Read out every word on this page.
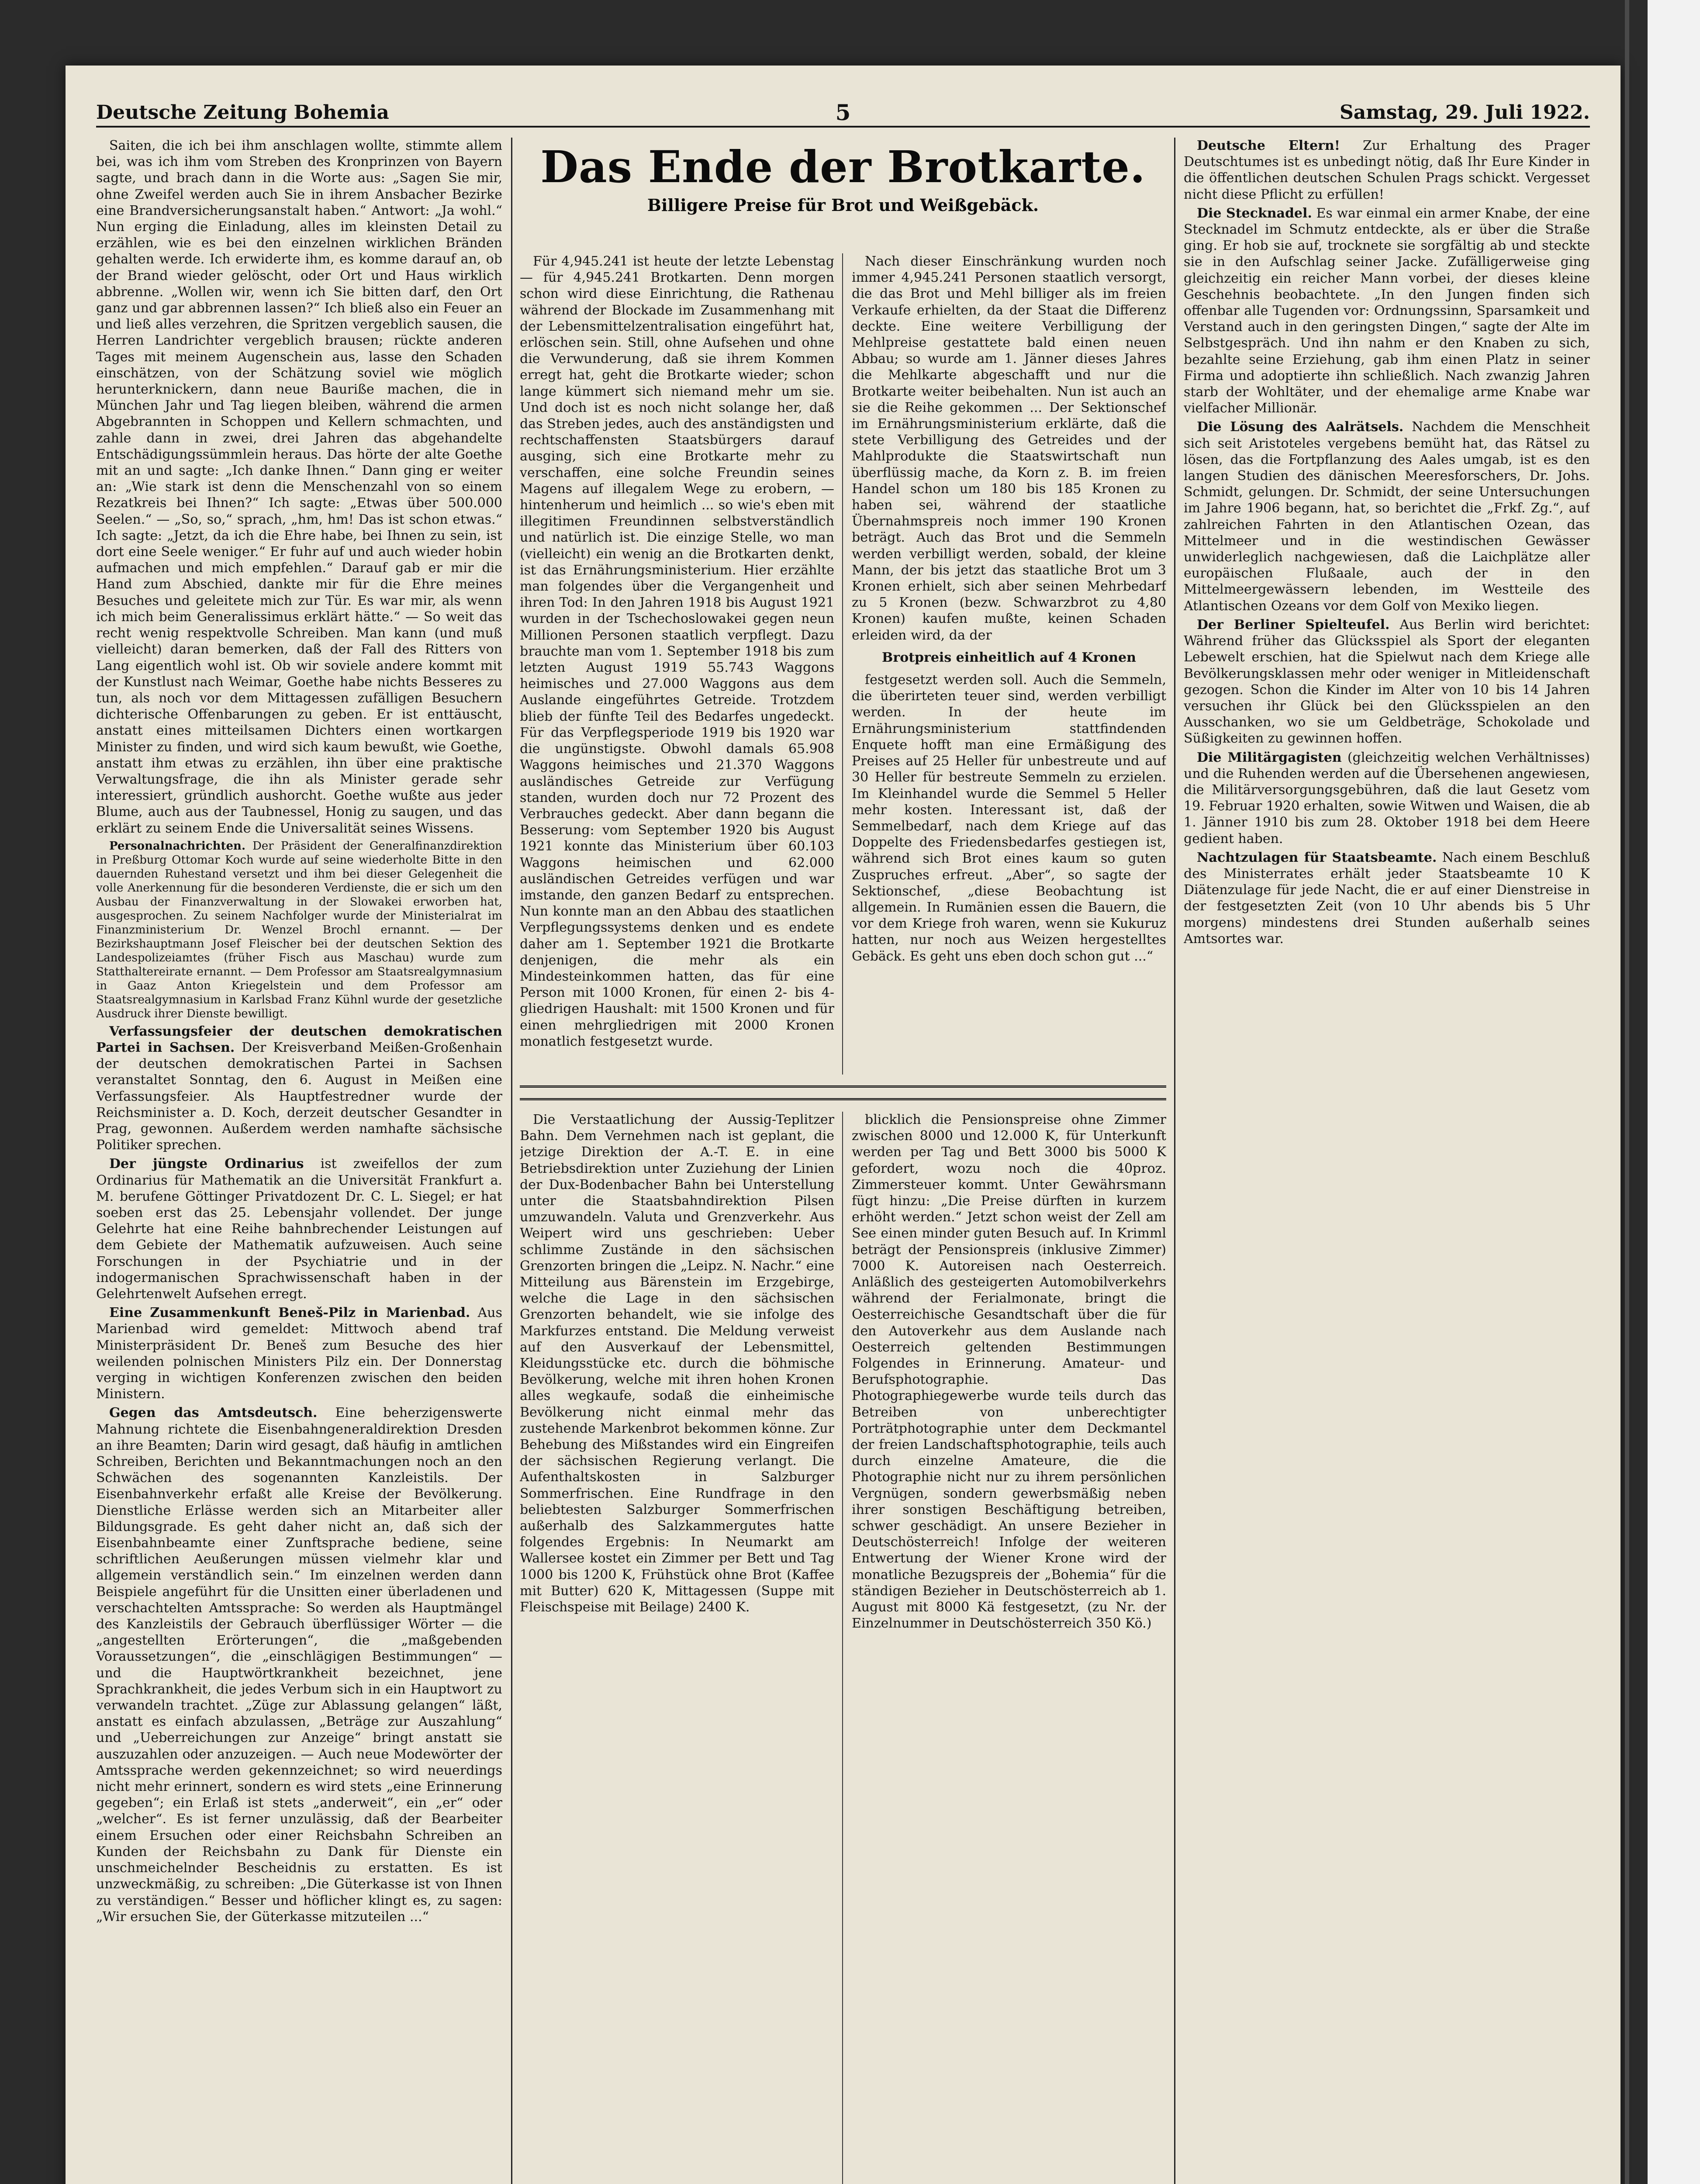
Deutsche Zeitung Bohemia	5	Samstag, 29. Juli 1922.

Saiten, die ich bei ihm anschlagen wollte, stimmte allem bei, was ich ihm vom Streben des Kronprinzen von Bayern sagte, und brach dann in die Worte aus: „Sagen Sie mir, ohne Zweifel werden auch Sie in ihrem Ansbacher Bezirke eine Brandversicherungsanstalt haben.“ Antwort: „Ja wohl.“ Nun erging die Einladung, alles im kleinsten Detail zu erzählen, wie es bei den einzelnen wirklichen Bränden gehalten werde. Ich erwiderte ihm, es komme darauf an, ob der Brand wieder gelöscht, oder Ort und Haus wirklich abbrenne. „Wollen wir, wenn ich Sie bitten darf, den Ort ganz und gar abbrennen lassen?“ Ich bließ also ein Feuer an und ließ alles verzehren, die Spritzen vergeblich sausen, die Herren Landrichter vergeblich brausen; rückte anderen Tages mit meinem Augenschein aus, lasse den Schaden einschätzen, von der Schätzung soviel wie möglich herunterknickern, dann neue Bauriße machen, die in München Jahr und Tag liegen bleiben, während die armen Abgebrannten in Schoppen und Kellern schmachten, und zahle dann in zwei, drei Jahren das abgehandelte Entschädigungssümmlein heraus. Das hörte der alte Goethe mit an und sagte: „Ich danke Ihnen.“ Dann ging er weiter an: „Wie stark ist denn die Menschenzahl von so einem Rezatkreis bei Ihnen?“ Ich sagte: „Etwas über 500.000 Seelen.“ — „So, so,“ sprach, „hm, hm! Das ist schon etwas.“ Ich sagte: „Jetzt, da ich die Ehre habe, bei Ihnen zu sein, ist dort eine Seele weniger.“ Er fuhr auf und auch wieder hobin aufmachen und mich empfehlen.“ Darauf gab er mir die Hand zum Abschied, dankte mir für die Ehre meines Besuches und geleitete mich zur Tür. Es war mir, als wenn ich mich beim Generalissimus erklärt hätte.“ — So weit das recht wenig respektvolle Schreiben. Man kann (und muß vielleicht) daran bemerken, daß der Fall des Ritters von Lang eigentlich wohl ist. Ob wir soviele andere kommt mit der Kunstlust nach Weimar, Goethe habe nichts Besseres zu tun, als noch vor dem Mittagessen zufälligen Besuchern dichterische Offenbarungen zu geben. Er ist enttäuscht, anstatt eines mitteilsamen Dichters einen wortkargen Minister zu finden, und wird sich kaum bewußt, wie Goethe, anstatt ihm etwas zu erzählen, ihn über eine praktische Verwaltungsfrage, die ihn als Minister gerade sehr interessiert, gründlich aushorcht. Goethe wußte aus jeder Blume, auch aus der Taubnessel, Honig zu saugen, und das erklärt zu seinem Ende die Universalität seines Wissens.

Personalnachrichten. Der Präsident der Generalfinanzdirektion in Preßburg Ottomar Koch wurde auf seine wiederholte Bitte in den dauernden Ruhestand versetzt und ihm bei dieser Gelegenheit die volle Anerkennung für die besonderen Verdienste, die er sich um den Ausbau der Finanzverwaltung in der Slowakei erworben hat, ausgesprochen. Zu seinem Nachfolger wurde der Ministerialrat im Finanzministerium Dr. Wenzel Brochl ernannt. — Der Bezirkshauptmann Josef Fleischer bei der deutschen Sektion des Landespolizeiamtes (früher Fisch aus Maschau) wurde zum Statthaltereirate ernannt. — Dem Professor am Staatsrealgymnasium in Gaaz Anton Kriegelstein und dem Professor am Staatsrealgymnasium in Karlsbad Franz Kühnl wurde der gesetzliche Ausdruck ihrer Dienste bewilligt.

Verfassungsfeier der deutschen demokratischen Partei in Sachsen. Der Kreisverband Meißen-Großenhain der deutschen demokratischen Partei in Sachsen veranstaltet Sonntag, den 6. August in Meißen eine Verfassungsfeier. Als Hauptfestredner wurde der Reichsminister a. D. Koch, derzeit deutscher Gesandter in Prag, gewonnen. Außerdem werden namhafte sächsische Politiker sprechen.

Der jüngste Ordinarius ist zweifellos der zum Ordinarius für Mathematik an die Universität Frankfurt a. M. berufene Göttinger Privatdozent Dr. C. L. Siegel; er hat soeben erst das 25. Lebensjahr vollendet. Der junge Gelehrte hat eine Reihe bahnbrechender Leistungen auf dem Gebiete der Mathematik aufzuweisen. Auch seine Forschungen in der Psychiatrie und in der indogermanischen Sprachwissenschaft haben in der Gelehrtenwelt Aufsehen erregt.

Eine Zusammenkunft Beneš-Pilz in Marienbad. Aus Marienbad wird gemeldet: Mittwoch abend traf Ministerpräsident Dr. Beneš zum Besuche des hier weilenden polnischen Ministers Pilz ein. Der Donnerstag verging in wichtigen Konferenzen zwischen den beiden Ministern.

Gegen das Amtsdeutsch. Eine beherzigenswerte Mahnung richtete die Eisenbahngeneraldirektion Dresden an ihre Beamten; Darin wird gesagt, daß häufig in amtlichen Schreiben, Berichten und Bekanntmachungen noch an den Schwächen des sogenannten Kanzleistils. Der Eisenbahnverkehr erfaßt alle Kreise der Bevölkerung. Dienstliche Erlässe werden sich an Mitarbeiter aller Bildungsgrade. Es geht daher nicht an, daß sich der Eisenbahnbeamte einer Zunftsprache bediene, seine schriftlichen Aeußerungen müssen vielmehr klar und allgemein verständlich sein.“ Im einzelnen werden dann Beispiele angeführt für die Unsitten einer überladenen und verschachtelten Amtssprache: So werden als Hauptmängel des Kanzleistils der Gebrauch überflüssiger Wörter — die „angestellten Erörterungen“, die „maßgebenden Voraussetzungen“, die „einschlägigen Bestimmungen“ — und die Hauptwörtkrankheit bezeichnet, jene Sprachkrankheit, die jedes Verbum sich in ein Hauptwort zu verwandeln trachtet. „Züge zur Ablassung gelangen“ läßt, anstatt es einfach abzulassen, „Beträge zur Auszahlung“ und „Ueberreichungen zur Anzeige“ bringt anstatt sie auszuzahlen oder anzuzeigen. — Auch neue Modewörter der Amtssprache werden gekennzeichnet; so wird neuerdings nicht mehr erinnert, sondern es wird stets „eine Erinnerung gegeben“; ein Erlaß ist stets „anderweit“, ein „er“ oder „welcher“. Es ist ferner unzulässig, daß der Bearbeiter einem Ersuchen oder einer Reichsbahn Schreiben an Kunden der Reichsbahn zu Dank für Dienste ein unschmeichelnder Bescheidnis zu erstatten. Es ist unzweckmäßig, zu schreiben: „Die Güterkasse ist von Ihnen zu verständigen.“ Besser und höflicher klingt es, zu sagen: „Wir ersuchen Sie, der Güterkasse mitzuteilen ...“

Das Ende der Brotkarte.
Billigere Preise für Brot und Weißgebäck.

Für 4,945.241 ist heute der letzte Lebenstag — für 4,945.241 Brotkarten. Denn morgen schon wird diese Einrichtung, die Rathenau während der Blockade im Zusammenhang mit der Lebensmittelzentralisation eingeführt hat, erlöschen sein. Still, ohne Aufsehen und ohne die Verwunderung, daß sie ihrem Kommen erregt hat, geht die Brotkarte wieder; schon lange kümmert sich niemand mehr um sie. Und doch ist es noch nicht solange her, daß das Streben jedes, auch des anständigsten und rechtschaffensten Staatsbürgers darauf ausging, sich eine Brotkarte mehr zu verschaffen, eine solche Freundin seines Magens auf illegalem Wege zu erobern, — hintenherum und heimlich ... so wie's eben mit illegitimen Freundinnen selbstverständlich und natürlich ist. Die einzige Stelle, wo man (vielleicht) ein wenig an die Brotkarten denkt, ist das Ernährungsministerium. Hier erzählte man folgendes über die Vergangenheit und ihren Tod: In den Jahren 1918 bis August 1921 wurden in der Tschechoslowakei gegen neun Millionen Personen staatlich verpflegt. Dazu brauchte man vom 1. September 1918 bis zum letzten August 1919 55.743 Waggons heimisches und 27.000 Waggons aus dem Auslande eingeführtes Getreide. Trotzdem blieb der fünfte Teil des Bedarfes ungedeckt. Für das Verpflegsperiode 1919 bis 1920 war die ungünstigste. Obwohl damals 65.908 Waggons heimisches und 21.370 Waggons ausländisches Getreide zur Verfügung standen, wurden doch nur 72 Prozent des Verbrauches gedeckt. Aber dann begann die Besserung: vom September 1920 bis August 1921 konnte das Ministerium über 60.103 Waggons heimischen und 62.000 ausländischen Getreides verfügen und war imstande, den ganzen Bedarf zu entsprechen. Nun konnte man an den Abbau des staatlichen Verpflegungssystems denken und es endete daher am 1. September 1921 die Brotkarte denjenigen, die mehr als ein Mindesteinkommen hatten, das für eine Person mit 1000 Kronen, für einen 2- bis 4-gliedrigen Haushalt: mit 1500 Kronen und für einen mehrgliedrigen mit 2000 Kronen monatlich festgesetzt wurde.

Nach dieser Einschränkung wurden noch immer 4,945.241 Personen staatlich versorgt, die das Brot und Mehl billiger als im freien Verkaufe erhielten, da der Staat die Differenz deckte. Eine weitere Verbilligung der Mehlpreise gestattete bald einen neuen Abbau; so wurde am 1. Jänner dieses Jahres die Mehlkarte abgeschafft und nur die Brotkarte weiter beibehalten. Nun ist auch an sie die Reihe gekommen ... Der Sektionschef im Ernährungsministerium erklärte, daß die stete Verbilligung des Getreides und der Mahlprodukte die Staatswirtschaft nun überflüssig mache, da Korn z. B. im freien Handel schon um 180 bis 185 Kronen zu haben sei, während der staatliche Übernahmspreis noch immer 190 Kronen beträgt. Auch das Brot und die Semmeln werden verbilligt werden, sobald, der kleine Mann, der bis jetzt das staatliche Brot um 3 Kronen erhielt, sich aber seinen Mehrbedarf zu 5 Kronen (bezw. Schwarzbrot zu 4,80 Kronen) kaufen mußte, keinen Schaden erleiden wird, da der

Brotpreis einheitlich auf 4 Kronen

festgesetzt werden soll. Auch die Semmeln, die überirteten teuer sind, werden verbilligt werden. In der heute im Ernährungsministerium stattfindenden Enquete hofft man eine Ermäßigung des Preises auf 25 Heller für unbestreute und auf 30 Heller für bestreute Semmeln zu erzielen. Im Kleinhandel wurde die Semmel 5 Heller mehr kosten. Interessant ist, daß der Semmelbedarf, nach dem Kriege auf das Doppelte des Friedensbedarfes gestiegen ist, während sich Brot eines kaum so guten Zuspruches erfreut. „Aber“, so sagte der Sektionschef, „diese Beobachtung ist allgemein. In Rumänien essen die Bauern, die vor dem Kriege froh waren, wenn sie Kukuruz hatten, nur noch aus Weizen hergestelltes Gebäck. Es geht uns eben doch schon gut ...“

Die Verstaatlichung der Aussig-Teplitzer Bahn. Dem Vernehmen nach ist geplant, die jetzige Direktion der A.-T. E. in eine Betriebsdirektion unter Zuziehung der Linien der Dux-Bodenbacher Bahn bei Unterstellung unter die Staatsbahndirektion Pilsen umzuwandeln. Valuta und Grenzverkehr. Aus Weipert wird uns geschrieben: Ueber schlimme Zustände in den sächsischen Grenzorten bringen die „Leipz. N. Nachr.“ eine Mitteilung aus Bärenstein im Erzgebirge, welche die Lage in den sächsischen Grenzorten behandelt, wie sie infolge des Markfurzes entstand. Die Meldung verweist auf den Ausverkauf der Lebensmittel, Kleidungsstücke etc. durch die böhmische Bevölkerung, welche mit ihren hohen Kronen alles wegkaufe, sodaß die einheimische Bevölkerung nicht einmal mehr das zustehende Markenbrot bekommen könne. Zur Behebung des Mißstandes wird ein Eingreifen der sächsischen Regierung verlangt. Die Aufenthaltskosten in Salzburger Sommerfrischen. Eine Rundfrage in den beliebtesten Salzburger Sommerfrischen außerhalb des Salzkammergutes hatte folgendes Ergebnis: In Neumarkt am Wallersee kostet ein Zimmer per Bett und Tag 1000 bis 1200 K, Frühstück ohne Brot (Kaffee mit Butter) 620 K, Mittagessen (Suppe mit Fleischspeise mit Beilage) 2400 K.

blicklich die Pensionspreise ohne Zimmer zwischen 8000 und 12.000 K, für Unterkunft werden per Tag und Bett 3000 bis 5000 K gefordert, wozu noch die 40proz. Zimmersteuer kommt. Unter Gewährsmann fügt hinzu: „Die Preise dürften in kurzem erhöht werden.“ Jetzt schon weist der Zell am See einen minder guten Besuch auf. In Krimml beträgt der Pensionspreis (inklusive Zimmer) 7000 K. Autoreisen nach Oesterreich. Anläßlich des gesteigerten Automobilverkehrs während der Ferialmonate, bringt die Oesterreichische Gesandtschaft über die für den Autoverkehr aus dem Auslande nach Oesterreich geltenden Bestimmungen Folgendes in Erinnerung. Amateur- und Berufsphotographie. Das Photographiegewerbe wurde teils durch das Betreiben von unberechtigter Porträtphotographie unter dem Deckmantel der freien Landschaftsphotographie, teils auch durch einzelne Amateure, die die Photographie nicht nur zu ihrem persönlichen Vergnügen, sondern gewerbsmäßig neben ihrer sonstigen Beschäftigung betreiben, schwer geschädigt. An unsere Bezieher in Deutschösterreich! Infolge der weiteren Entwertung der Wiener Krone wird der monatliche Bezugspreis der „Bohemia“ für die ständigen Bezieher in Deutschösterreich ab 1. August mit 8000 Kä festgesetzt, (zu Nr. der Einzelnummer in Deutschösterreich 350 Kö.)

Deutsche Eltern! Zur Erhaltung des Prager Deutschtumes ist es unbedingt nötig, daß Ihr Eure Kinder in die öffentlichen deutschen Schulen Prags schickt. Vergesset nicht diese Pflicht zu erfüllen!

Die Stecknadel. Es war einmal ein armer Knabe, der eine Stecknadel im Schmutz entdeckte, als er über die Straße ging. Er hob sie auf, trocknete sie sorgfältig ab und steckte sie in den Aufschlag seiner Jacke. Zufälligerweise ging gleichzeitig ein reicher Mann vorbei, der dieses kleine Geschehnis beobachtete. „In den Jungen finden sich offenbar alle Tugenden vor: Ordnungssinn, Sparsamkeit und Verstand auch in den geringsten Dingen,“ sagte der Alte im Selbstgespräch. Und ihn nahm er den Knaben zu sich, bezahlte seine Erziehung, gab ihm einen Platz in seiner Firma und adoptierte ihn schließlich. Nach zwanzig Jahren starb der Wohltäter, und der ehemalige arme Knabe war vielfacher Millionär.

Die Lösung des Aalrätsels. Nachdem die Menschheit sich seit Aristoteles vergebens bemüht hat, das Rätsel zu lösen, das die Fortpflanzung des Aales umgab, ist es den langen Studien des dänischen Meeresforschers, Dr. Johs. Schmidt, gelungen. Dr. Schmidt, der seine Untersuchungen im Jahre 1906 begann, hat, so berichtet die „Frkf. Zg.“, auf zahlreichen Fahrten in den Atlantischen Ozean, das Mittelmeer und in die westindischen Gewässer unwiderleglich nachgewiesen, daß die Laichplätze aller europäischen Flußaale, auch der in den Mittelmeergewässern lebenden, im Westteile des Atlantischen Ozeans vor dem Golf von Mexiko liegen.

Der Berliner Spielteufel. Aus Berlin wird berichtet: Während früher das Glücksspiel als Sport der eleganten Lebewelt erschien, hat die Spielwut nach dem Kriege alle Bevölkerungsklassen mehr oder weniger in Mitleidenschaft gezogen. Schon die Kinder im Alter von 10 bis 14 Jahren versuchen ihr Glück bei den Glücksspielen an den Ausschanken, wo sie um Geldbeträge, Schokolade und Süßigkeiten zu gewinnen hoffen.

Die Militärgagisten (gleichzeitig welchen Verhältnisses) und die Ruhenden werden auf die Übersehenen angewiesen, die Militärversorgungsgebühren, daß die laut Gesetz vom 19. Februar 1920 erhalten, sowie Witwen und Waisen, die ab 1. Jänner 1910 bis zum 28. Oktober 1918 bei dem Heere gedient haben.

Nachtzulagen für Staatsbeamte. Nach einem Beschluß des Ministerrates erhält jeder Staatsbeamte 10 K Diätenzulage für jede Nacht, die er auf einer Dienstreise in der festgesetzten Zeit (von 10 Uhr abends bis 5 Uhr morgens) mindestens drei Stunden außerhalb seines Amtsortes war.
